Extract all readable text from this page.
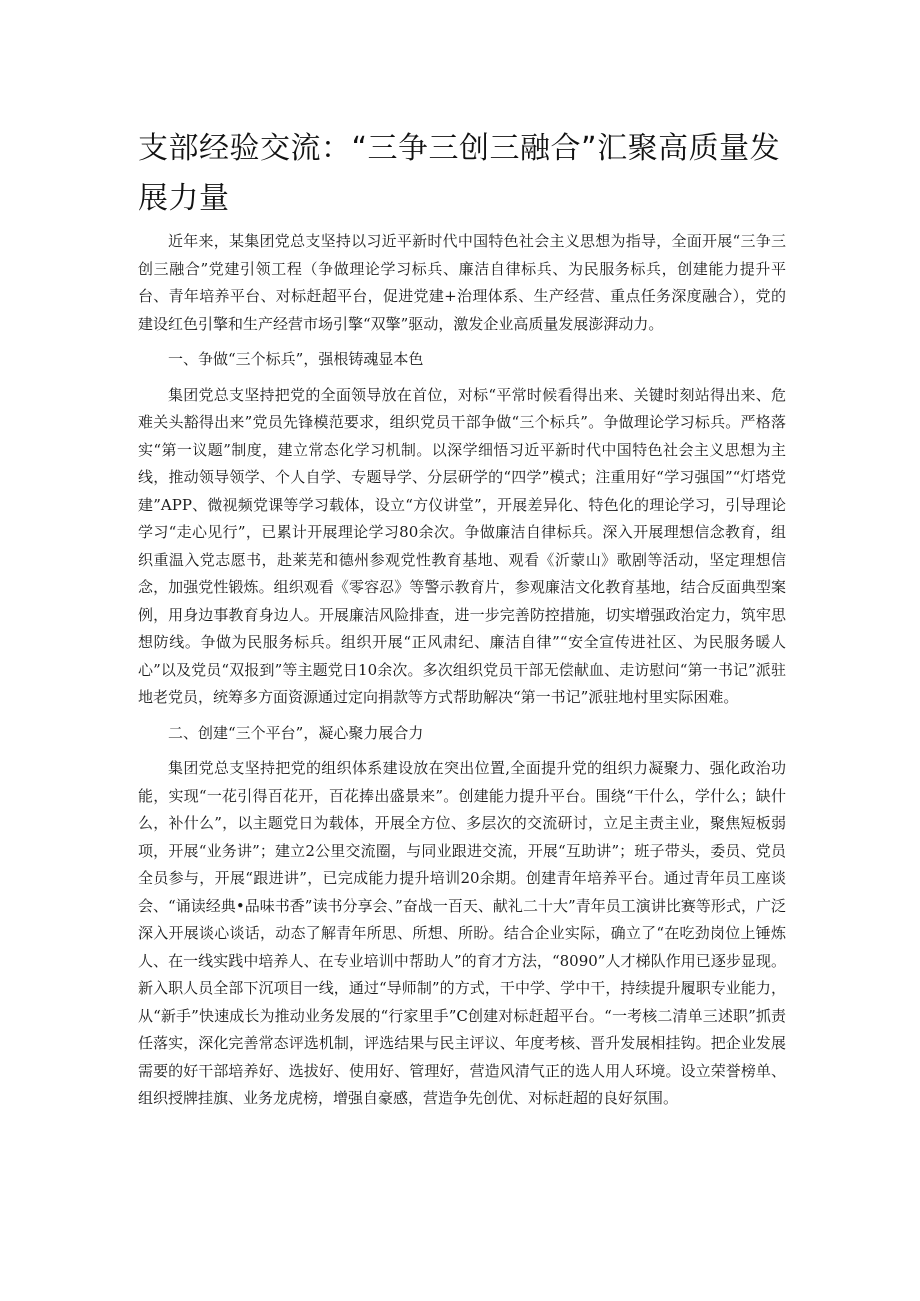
支部经验交流：“三争三创三融合”汇聚高质量发展力量

近年来，某集团党总支坚持以习近平新时代中国特色社会主义思想为指导，全面开展“三争三创三融合”党建引领工程（争做理论学习标兵、廉洁自律标兵、为民服务标兵，创建能力提升平台、青年培养平台、对标赶超平台，促进党建+治理体系、生产经营、重点任务深度融合），党的建设红色引擎和生产经营市场引擎“双擎”驱动，激发企业高质量发展澎湃动力。

一、争做“三个标兵”，强根铸魂显本色

集团党总支坚持把党的全面领导放在首位，对标“平常时候看得出来、关键时刻站得出来、危难关头豁得出来”党员先锋模范要求，组织党员干部争做“三个标兵”。争做理论学习标兵。严格落实“第一议题”制度，建立常态化学习机制。以深学细悟习近平新时代中国特色社会主义思想为主线，推动领导领学、个人自学、专题导学、分层研学的“四学”模式；注重用好“学习强国”“灯塔党建”APP、微视频党课等学习载体，设立“方仪讲堂”，开展差异化、特色化的理论学习，引导理论学习“走心见行”，已累计开展理论学习80余次。争做廉洁自律标兵。深入开展理想信念教育，组织重温入党志愿书，赴莱芜和德州参观党性教育基地、观看《沂蒙山》歌剧等活动，坚定理想信念，加强党性锻炼。组织观看《零容忍》等警示教育片，参观廉洁文化教育基地，结合反面典型案例，用身边事教育身边人。开展廉洁风险排查，进一步完善防控措施，切实增强政治定力，筑牢思想防线。争做为民服务标兵。组织开展“正风肃纪、廉洁自律”“安全宣传进社区、为民服务暖人心”以及党员“双报到”等主题党日10余次。多次组织党员干部无偿献血、走访慰问“第一书记”派驻地老党员，统筹多方面资源通过定向捐款等方式帮助解决“第一书记”派驻地村里实际困难。

二、创建“三个平台”，凝心聚力展合力

集团党总支坚持把党的组织体系建设放在突出位置,全面提升党的组织力凝聚力、强化政治功能，实现“一花引得百花开，百花捧出盛景来”。创建能力提升平台。围绕“干什么，学什么；缺什么，补什么”，以主题党日为载体，开展全方位、多层次的交流研讨，立足主责主业，聚焦短板弱项，开展“业务讲”；建立2公里交流圈，与同业跟进交流，开展“互助讲”；班子带头，委员、党员全员参与，开展“跟进讲”，已完成能力提升培训20余期。创建青年培养平台。通过青年员工座谈会、“诵读经典•品味书香”读书分享会、”奋战一百天、献礼二十大”青年员工演讲比赛等形式，广泛深入开展谈心谈话，动态了解青年所思、所想、所盼。结合企业实际，确立了“在吃劲岗位上锤炼人、在一线实践中培养人、在专业培训中帮助人”的育才方法，“8090”人才梯队作用已逐步显现。新入职人员全部下沉项目一线，通过“导师制”的方式，干中学、学中干，持续提升履职专业能力，从“新手”快速成长为推动业务发展的“行家里手”C创建对标赶超平台。“一考核二清单三述职”抓责任落实，深化完善常态评选机制，评选结果与民主评议、年度考核、晋升发展相挂钩。把企业发展需要的好干部培养好、选拔好、使用好、管理好，营造风清气正的选人用人环境。设立荣誉榜单、组织授牌挂旗、业务龙虎榜，增强自豪感，营造争先创优、对标赶超的良好氛围。
